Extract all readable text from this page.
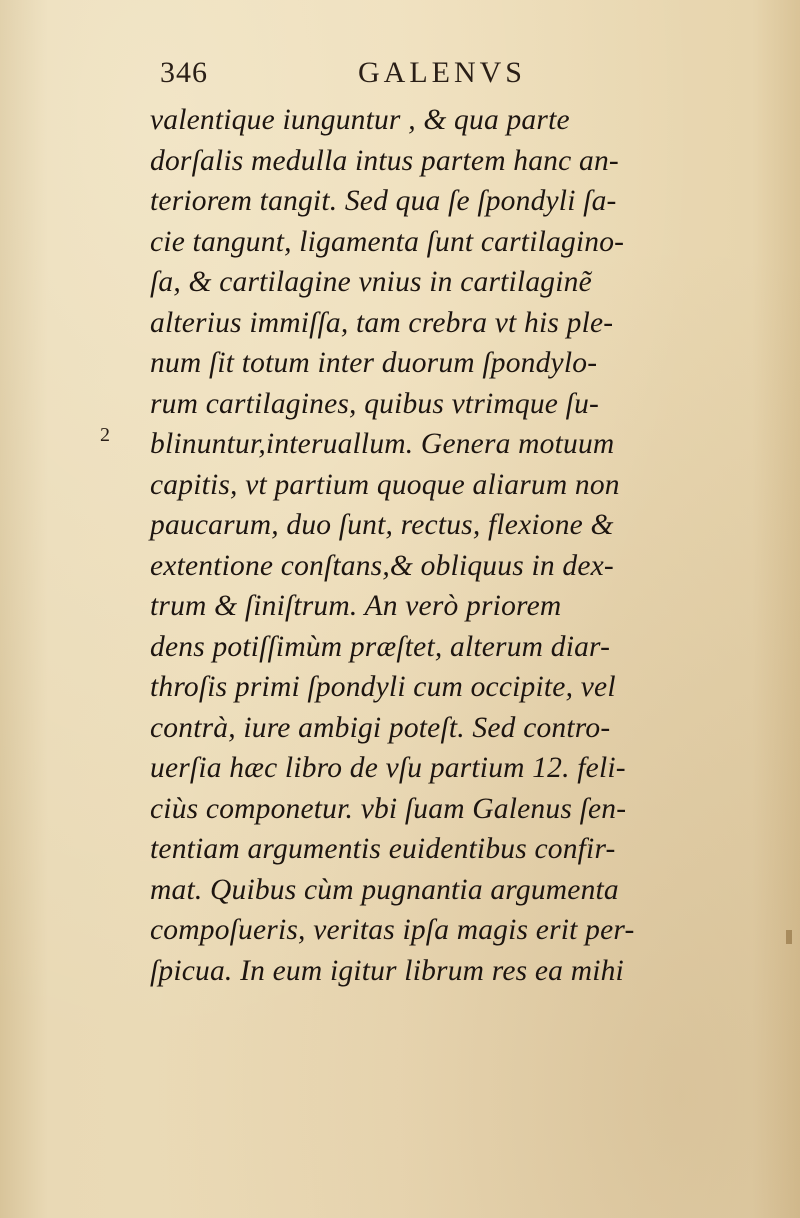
346	GALENVS
2
valentique iunguntur , & qua parte
dorſalis medulla intus partem hanc an-
teriorem tangit. Sed qua ſe ſpondyli ſa-
cie tangunt, ligamenta ſunt cartilagino-
ſa, & cartilagine vnius in cartilaginẽ
alterius immiſſa, tam crebra vt his ple-
num ſit totum inter duorum ſpondylo-
rum cartilagines, quibus vtrimque ſu-
blinuntur,interuallum. Genera motuum
capitis, vt partium quoque aliarum non
paucarum, duo ſunt, rectus, flexione &
extentione conſtans,& obliquus in dex-
trum & ſiniſtrum. An verò priorem
dens potiſſimùm præſtet, alterum diar-
throſis primi ſpondyli cum occipite, vel
contrà, iure ambigi poteſt. Sed contro-
uerſia hæc libro de vſu partium 12. feli-
ciùs componetur. vbi ſuam Galenus ſen-
tentiam argumentis euidentibus confir-
mat. Quibus cùm pugnantia argumenta
compoſueris, veritas ipſa magis erit per-
ſpicua. In eum igitur librum res ea mihi
